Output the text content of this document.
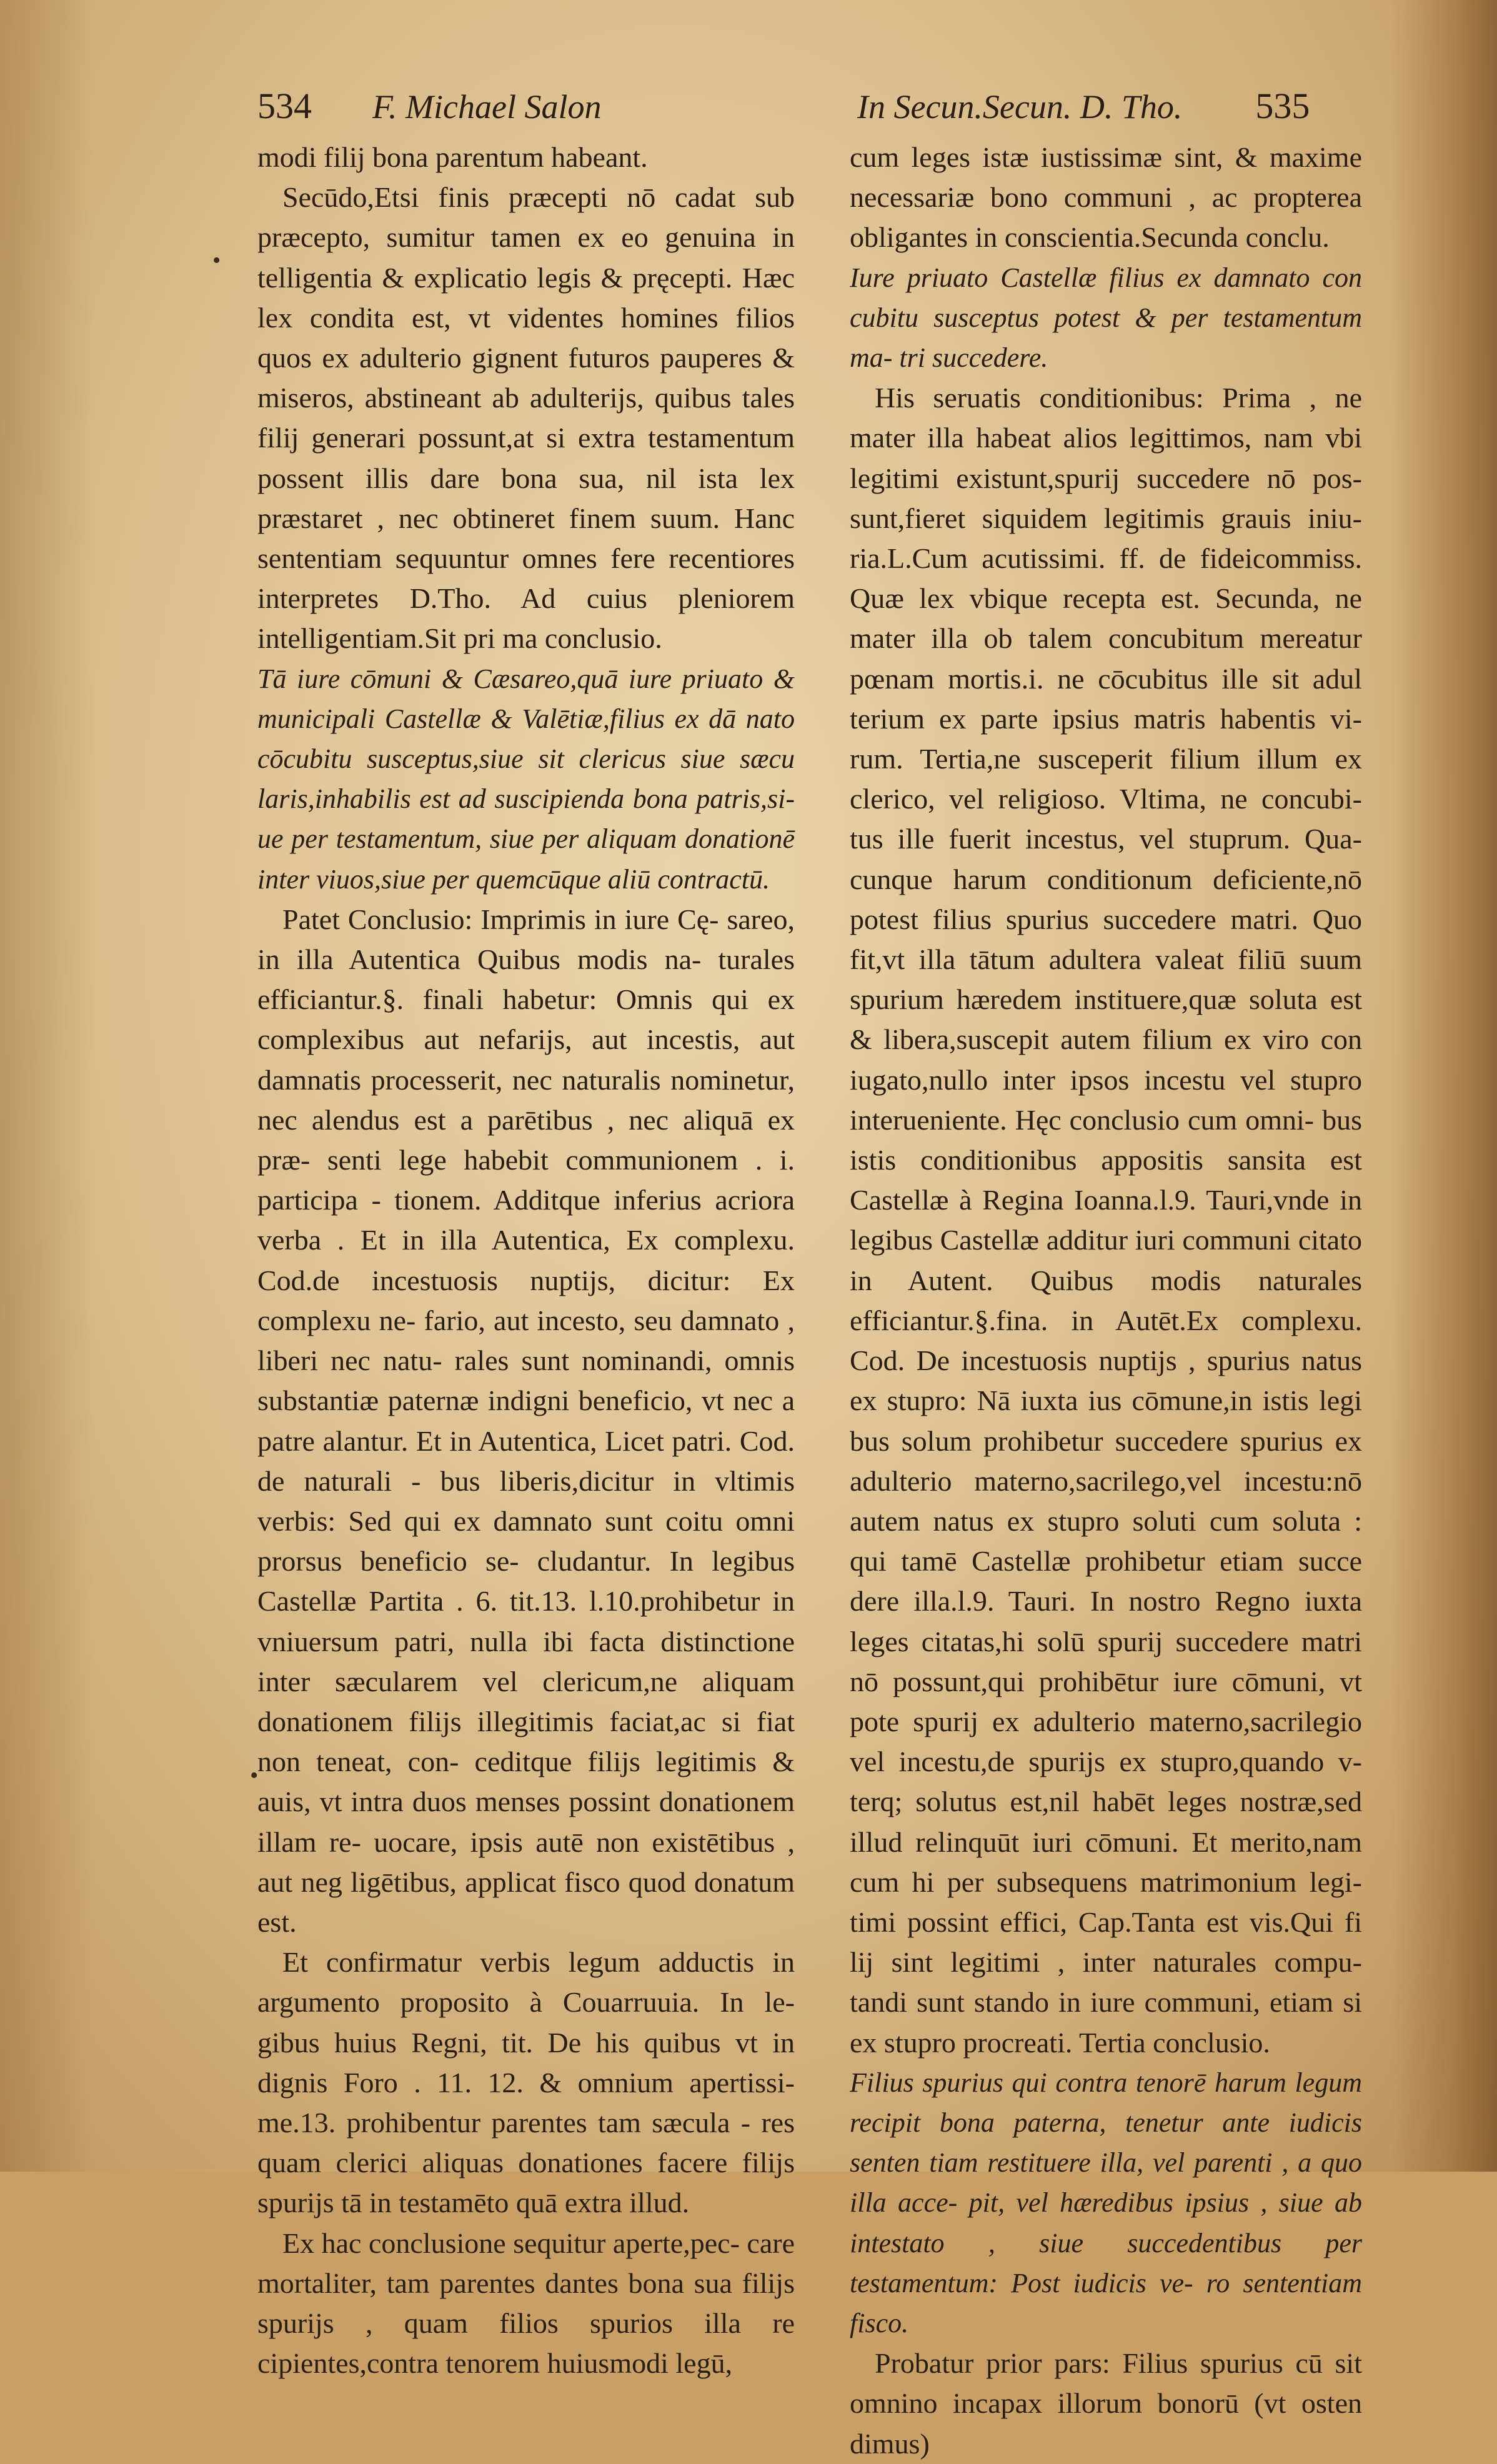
534 F. Michael Salon	In Secun.Secun. D. Tho. 535
•
•

modi filij bona parentum habeant.

Secūdo,Etsi finis præcepti nō cadat sub præcepto, sumitur tamen ex eo genuina in telligentia & explicatio legis & pręcepti. Hæc lex condita est, vt videntes homines filios quos ex adulterio gignent futuros pauperes & miseros, abstineant ab adulterijs, quibus tales filij generari possunt,at si extra testamentum possent illis dare bona sua, nil ista lex præstaret , nec obtineret finem suum. Hanc sententiam sequuntur omnes fere recentiores interpretes D.Tho. Ad cuius pleniorem intelligentiam.Sit pri ma conclusio.

Tā iure cōmuni & Cæsareo,quā iure priuato & municipali Castellæ & Valētiæ,filius ex dā nato cōcubitu susceptus,siue sit clericus siue sæcu laris,inhabilis est ad suscipienda bona patris,si- ue per testamentum, siue per aliquam donationē inter viuos,siue per quemcūque aliū contractū.

Patet Conclusio: Imprimis in iure Cę- sareo, in illa Autentica Quibus modis na- turales efficiantur.§. finali habetur: Omnis qui ex complexibus aut nefarijs, aut incestis, aut damnatis processerit, nec naturalis nominetur, nec alendus est a parētibus , nec aliquā ex præ- senti lege habebit communionem . i. participa - tionem. Additque inferius acriora verba . Et in illa Autentica, Ex complexu. Cod.de incestuosis nuptijs, dicitur: Ex complexu ne- fario, aut incesto, seu damnato , liberi nec natu- rales sunt nominandi, omnis substantiæ paternæ indigni beneficio, vt nec a patre alantur. Et in Autentica, Licet patri. Cod. de naturali - bus liberis,dicitur in vltimis verbis: Sed qui ex damnato sunt coitu omni prorsus beneficio se- cludantur. In legibus Castellæ Partita . 6. tit.13. l.10.prohibetur in vniuersum patri, nulla ibi facta distinctione inter sæcularem vel clericum,ne aliquam donationem filijs illegitimis faciat,ac si fiat non teneat, con- ceditque filijs legitimis & auis, vt intra duos menses possint donationem illam re- uocare, ipsis autē non existētibus , aut neg ligētibus, applicat fisco quod donatum est.

Et confirmatur verbis legum adductis in argumento proposito à Couarruuia. In le- gibus huius Regni, tit. De his quibus vt in dignis Foro . 11. 12. & omnium apertissi- me.13. prohibentur parentes tam sæcula - res quam clerici aliquas donationes facere filijs spurijs tā in testamēto quā extra illud.

Ex hac conclusione sequitur aperte,pec- care mortaliter, tam parentes dantes bona sua filijs spurijs , quam filios spurios illa re cipientes,contra tenorem huiusmodi legū,

cum leges istæ iustissimæ sint, & maxime necessariæ bono communi , ac propterea obligantes in conscientia.Secunda conclu.

Iure priuato Castellæ filius ex damnato con cubitu susceptus potest & per testamentum ma- tri succedere.

His seruatis conditionibus: Prima , ne mater illa habeat alios legittimos, nam vbi legitimi existunt,spurij succedere nō pos- sunt,fieret siquidem legitimis grauis iniu- ria.L.Cum acutissimi. ff. de fideicommiss. Quæ lex vbique recepta est. Secunda, ne mater illa ob talem concubitum mereatur pœnam mortis.i. ne cōcubitus ille sit adul terium ex parte ipsius matris habentis vi- rum. Tertia,ne susceperit filium illum ex clerico, vel religioso. Vltima, ne concubi- tus ille fuerit incestus, vel stuprum. Qua- cunque harum conditionum deficiente,nō potest filius spurius succedere matri. Quo fit,vt illa tātum adultera valeat filiū suum spurium hæredem instituere,quæ soluta est & libera,suscepit autem filium ex viro con iugato,nullo inter ipsos incestu vel stupro interueniente. Hęc conclusio cum omni- bus istis conditionibus appositis sansita est Castellæ à Regina Ioanna.l.9. Tauri,vnde in legibus Castellæ additur iuri communi citato in Autent. Quibus modis naturales efficiantur.§.fina. in Autēt.Ex complexu. Cod. De incestuosis nuptijs , spurius natus ex stupro: Nā iuxta ius cōmune,in istis legi bus solum prohibetur succedere spurius ex adulterio materno,sacrilego,vel incestu:nō autem natus ex stupro soluti cum soluta : qui tamē Castellæ prohibetur etiam succe dere illa.l.9. Tauri. In nostro Regno iuxta leges citatas,hi solū spurij succedere matri nō possunt,qui prohibētur iure cōmuni, vt pote spurij ex adulterio materno,sacrilegio vel incestu,de spurijs ex stupro,quando v- terq; solutus est,nil habēt leges nostræ,sed illud relinquūt iuri cōmuni. Et merito,nam cum hi per subsequens matrimonium legi- timi possint effici, Cap.Tanta est vis.Qui fi lij sint legitimi , inter naturales compu- tandi sunt stando in iure communi, etiam si ex stupro procreati. Tertia conclusio.

Filius spurius qui contra tenorē harum legum recipit bona paterna, tenetur ante iudicis senten tiam restituere illa, vel parenti , a quo illa acce- pit, vel hæredibus ipsius , siue ab intestato , siue succedentibus per testamentum: Post iudicis ve- ro sententiam fisco.

Probatur prior pars: Filius spurius cū sit omnino incapax illorum bonorū (vt osten dimus)
